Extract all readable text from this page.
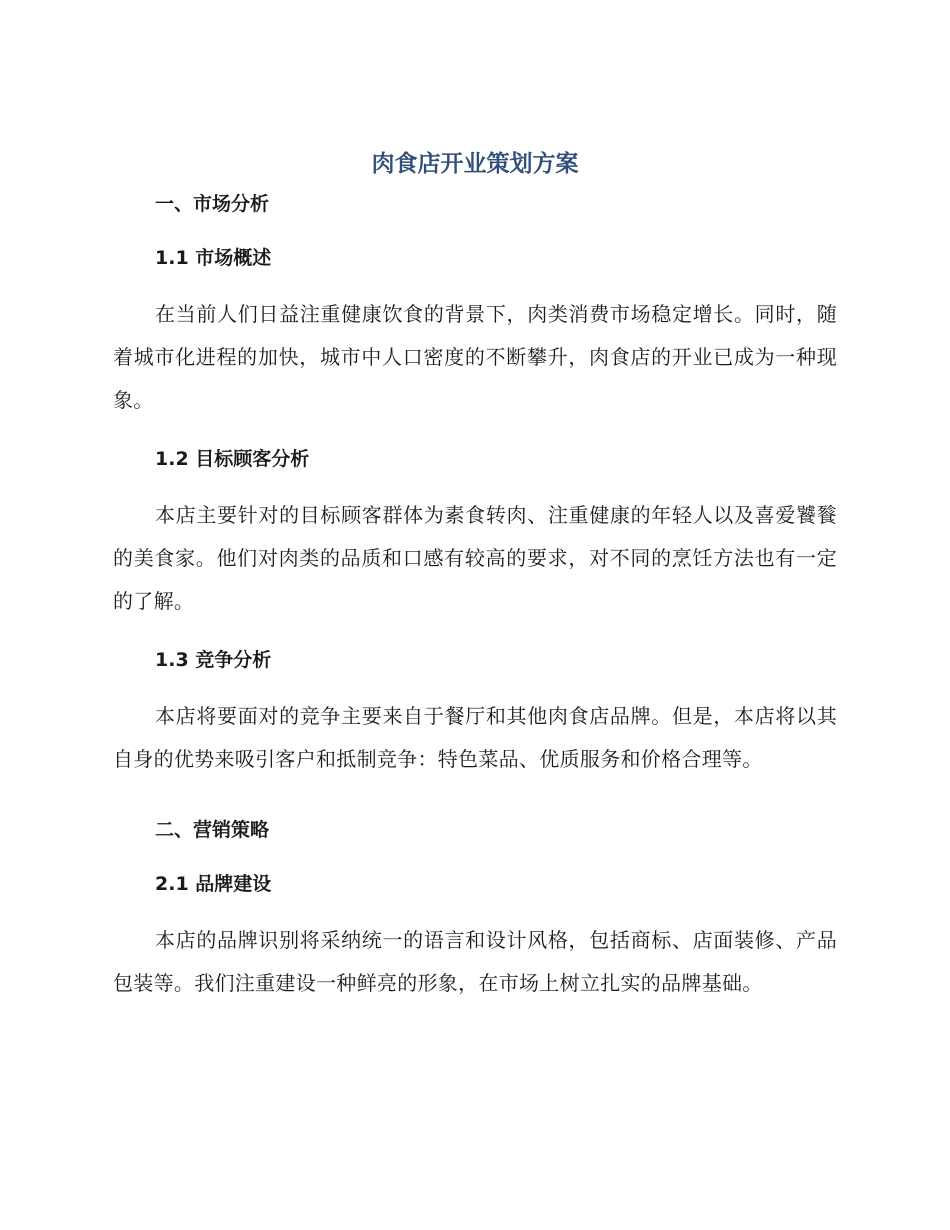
肉食店开业策划方案
一、市场分析
1.1 市场概述

在当前人们日益注重健康饮食的背景下，肉类消费市场稳定增长。同时，随着城市化进程的加快，城市中人口密度的不断攀升，肉食店的开业已成为一种现象。

1.2 目标顾客分析

本店主要针对的目标顾客群体为素食转肉、注重健康的年轻人以及喜爱饕餮的美食家。他们对肉类的品质和口感有较高的要求，对不同的烹饪方法也有一定的了解。

1.3 竞争分析

本店将要面对的竞争主要来自于餐厅和其他肉食店品牌。但是，本店将以其自身的优势来吸引客户和抵制竞争：特色菜品、优质服务和价格合理等。

二、营销策略
2.1 品牌建设

本店的品牌识别将采纳统一的语言和设计风格，包括商标、店面装修、产品包装等。我们注重建设一种鲜亮的形象，在市场上树立扎实的品牌基础。
